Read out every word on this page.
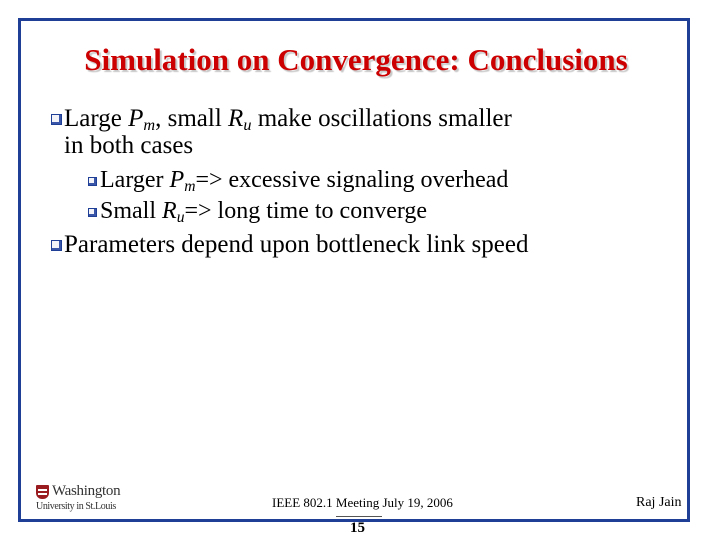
Simulation on Convergence: Conclusions
Large Pm, small Ru make oscillations smaller
in both cases
Larger Pm=> excessive signaling overhead
Small Ru=> long time to converge
Parameters depend upon bottleneck link speed
Washington
University in St.Louis	IEEE 802.1 Meeting July 19, 2006	Raj Jain
15
